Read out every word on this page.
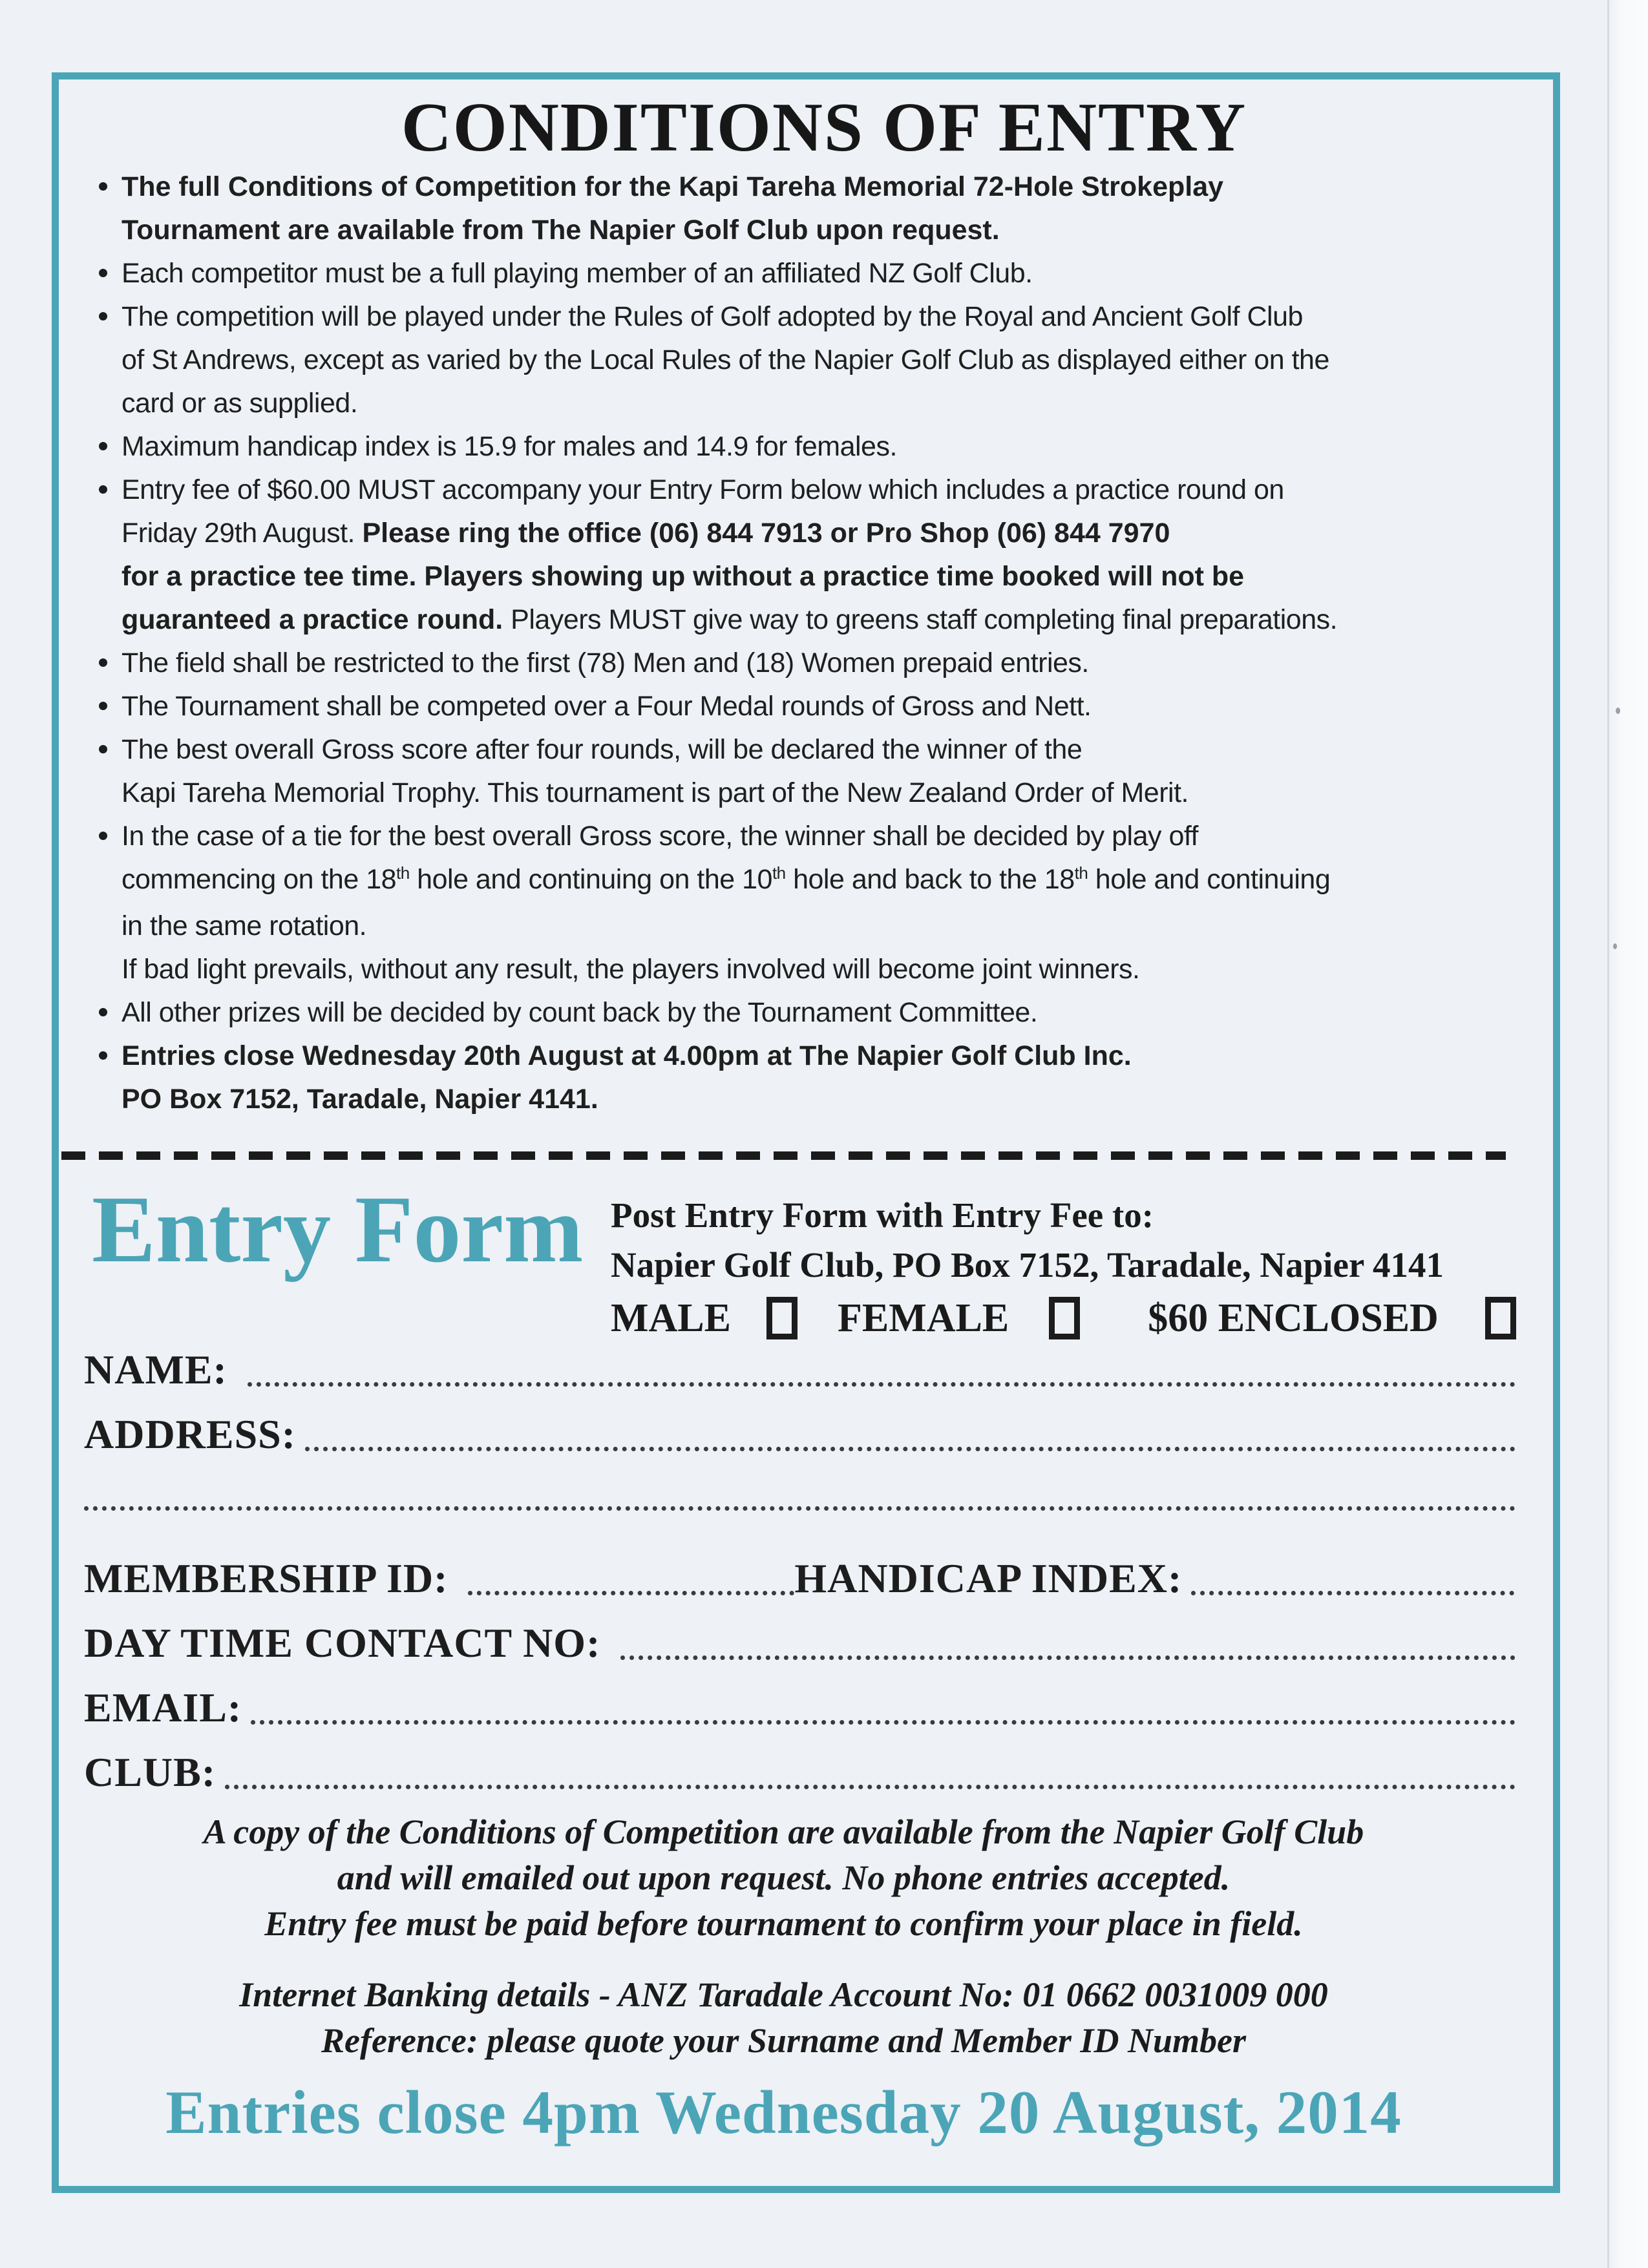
CONDITIONS OF ENTRY
The full Conditions of Competition for the Kapi Tareha Memorial 72-Hole Strokeplay
Tournament are available from The Napier Golf Club upon request.
Each competitor must be a full playing member of an affiliated NZ Golf Club.
The competition will be played under the Rules of Golf adopted by the Royal and Ancient Golf Club
of St Andrews, except as varied by the Local Rules of the Napier Golf Club as displayed either on the
card or as supplied.
Maximum handicap index is 15.9 for males and 14.9 for females.
Entry fee of $60.00 MUST accompany your Entry Form below which includes a practice round on
Friday 29th August. Please ring the office (06) 844 7913 or Pro Shop (06) 844 7970
for a practice tee time. Players showing up without a practice time booked will not be
guaranteed a practice round. Players MUST give way to greens staff completing final preparations.
The field shall be restricted to the first (78) Men and (18) Women prepaid entries.
The Tournament shall be competed over a Four Medal rounds of Gross and Nett.
The best overall Gross score after four rounds, will be declared the winner of the
Kapi Tareha Memorial Trophy. This tournament is part of the New Zealand Order of Merit.
In the case of a tie for the best overall Gross score, the winner shall be decided by play off
commencing on the 18th hole and continuing on the 10th hole and back to the 18th hole and continuing
in the same rotation.
If bad light prevails, without any result, the players involved will become joint winners.
All other prizes will be decided by count back by the Tournament Committee.
Entries close Wednesday 20th August at 4.00pm at The Napier Golf Club Inc.
PO Box 7152, Taradale, Napier 4141.
Entry Form Post Entry Form with Entry Fee to:
Napier Golf Club, PO Box 7152, Taradale, Napier 4141
MALE	FEMALE	$60 ENCLOSED
NAME:
ADDRESS:
MEMBERSHIP ID:	HANDICAP INDEX:
DAY TIME CONTACT NO:
EMAIL:
CLUB:
A copy of the Conditions of Competition are available from the Napier Golf Club
and will emailed out upon request. No phone entries accepted.
Entry fee must be paid before tournament to confirm your place in field.
Internet Banking details - ANZ Taradale Account No: 01 0662 0031009 000
Reference: please quote your Surname and Member ID Number
Entries close 4pm Wednesday 20 August, 2014
